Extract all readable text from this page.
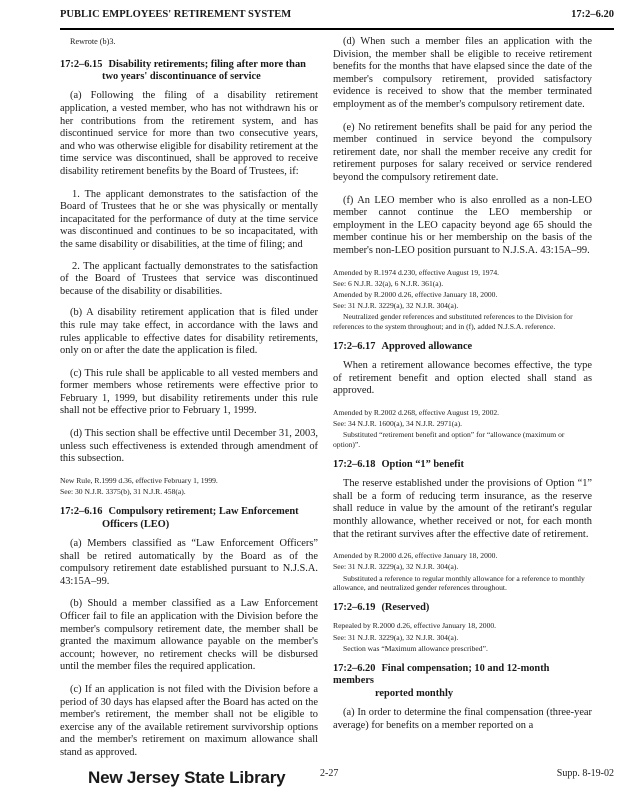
PUBLIC EMPLOYEES' RETIREMENT SYSTEM	17:2–6.20

Rewrote (b)3.

17:2–6.15 Disability retirements; filing after more than
two years' discontinuance of service

(a) Following the filing of a disability retirement application, a vested member, who has not withdrawn his or her contributions from the retirement system, and has discontinued service for more than two consecutive years, and who was otherwise eligible for disability retirement at the time service was discontinued, shall be approved to receive disability retirement benefits by the Board of Trustees, if:

1. The applicant demonstrates to the satisfaction of the Board of Trustees that he or she was physically or mentally incapacitated for the performance of duty at the time service was discontinued and continues to be so incapacitated, with the same disability or disabilities, at the time of filing; and

2. The applicant factually demonstrates to the satisfaction of the Board of Trustees that service was discontinued because of the disability or disabilities.

(b) A disability retirement application that is filed under this rule may take effect, in accordance with the laws and rules applicable to effective dates for disability retirements, only on or after the date the application is filed.

(c) This rule shall be applicable to all vested members and former members whose retirements were effective prior to February 1, 1999, but disability retirements under this rule shall not be effective prior to February 1, 1999.

(d) This section shall be effective until December 31, 2003, unless such effectiveness is extended through amendment of this subsection.

New Rule, R.1999 d.36, effective February 1, 1999.

See: 30 N.J.R. 3375(b), 31 N.J.R. 458(a).

17:2–6.16 Compulsory retirement; Law Enforcement
Officers (LEO)

(a) Members classified as “Law Enforcement Officers” shall be retired automatically by the Board as of the compulsory retirement date established pursuant to N.J.S.A. 43:15A–99.

(b) Should a member classified as a Law Enforcement Officer fail to file an application with the Division before the member's compulsory retirement date, the member shall be granted the maximum allowance payable on the member's account; however, no retirement checks will be disbursed until the member files the required application.

(c) If an application is not filed with the Division before a period of 30 days has elapsed after the Board has acted on the member's retirement, the member shall not be eligible to exercise any of the available retirement survivorship options and the member's retirement on maximum allowance shall stand as approved.

(d) When such a member files an application with the Division, the member shall be eligible to receive retirement benefits for the months that have elapsed since the date of the member's compulsory retirement, provided satisfactory evidence is received to show that the member terminated employment as of the member's compulsory retirement date.

(e) No retirement benefits shall be paid for any period the member continued in service beyond the compulsory retirement date, nor shall the member receive any credit for retirement purposes for salary received or service rendered beyond the compulsory retirement date.

(f) An LEO member who is also enrolled as a non-LEO member cannot continue the LEO membership or employment in the LEO capacity beyond age 65 should the member continue his or her membership on the basis of the member's non-LEO position pursuant to N.J.S.A. 43:15A–99.

Amended by R.1974 d.230, effective August 19, 1974.

See: 6 N.J.R. 32(a), 6 N.J.R. 361(a).

Amended by R.2000 d.26, effective January 18, 2000.

See: 31 N.J.R. 3229(a), 32 N.J.R. 304(a).

Neutralized gender references and substituted references to the Division for references to the system throughout; and in (f), added N.J.S.A. reference.

17:2–6.17 Approved allowance

When a retirement allowance becomes effective, the type of retirement benefit and option elected shall stand as approved.

Amended by R.2002 d.268, effective August 19, 2002.

See: 34 N.J.R. 1600(a), 34 N.J.R. 2971(a).

Substituted “retirement benefit and option” for “allowance (maximum or option)”.

17:2–6.18 Option “1” benefit

The reserve established under the provisions of Option “1” shall be a form of reducing term insurance, as the reserve shall reduce in value by the amount of the retirant's regular monthly allowance, whether received or not, for each month that the retirant survives after the effective date of retirement.

Amended by R.2000 d.26, effective January 18, 2000.

See: 31 N.J.R. 3229(a), 32 N.J.R. 304(a).

Substituted a reference to regular monthly allowance for a reference to monthly allowance, and neutralized gender references throughout.

17:2–6.19 (Reserved)

Repealed by R.2000 d.26, effective January 18, 2000.

See: 31 N.J.R. 3229(a), 32 N.J.R. 304(a).

Section was “Maximum allowance prescribed”.

17:2–6.20 Final compensation; 10 and 12-month members
reported monthly

(a) In order to determine the final compensation (three-year average) for benefits on a member reported on a

New Jersey State Library	2-27	Supp. 8-19-02
